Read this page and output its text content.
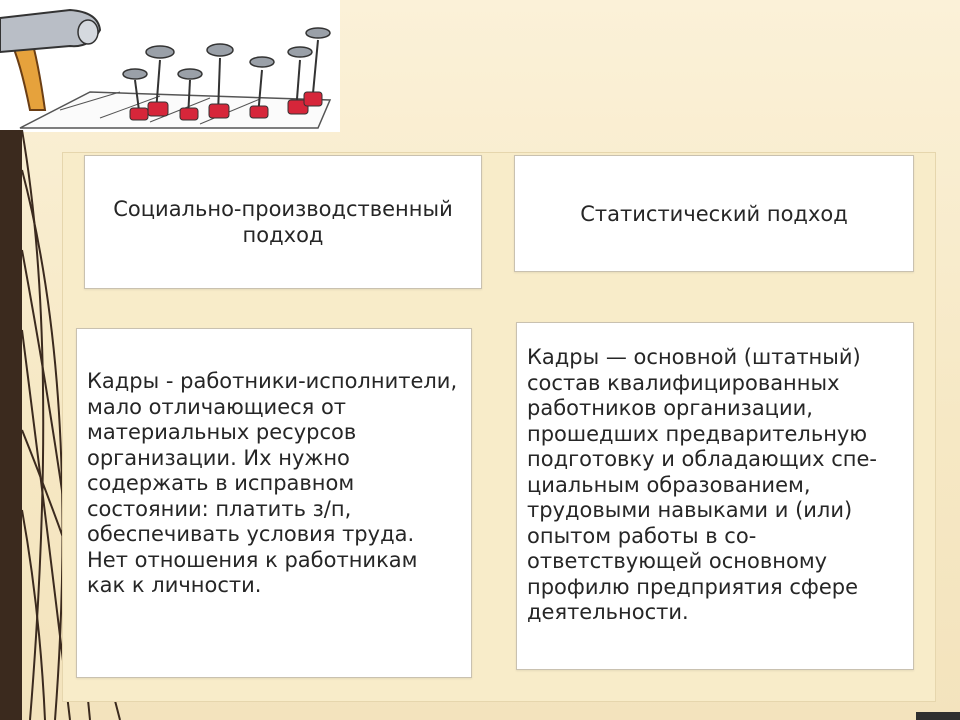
Социально-производственный подход
Статистический подход
Кадры - работники-исполнители, мало отличающиеся от материальных ресурсов организации. Их нужно содержать в исправном состоянии: платить з/п, обеспечивать условия труда. Нет отношения к работникам как к личности.
Кадры — основной (штатный) состав квалифицированных работников организации, прошедших предварительную подготовку и обладающих спе-циальным образованием, трудовыми навыками и (или) опытом работы в со-ответствующей основному профилю предприятия сфере деятельности.
